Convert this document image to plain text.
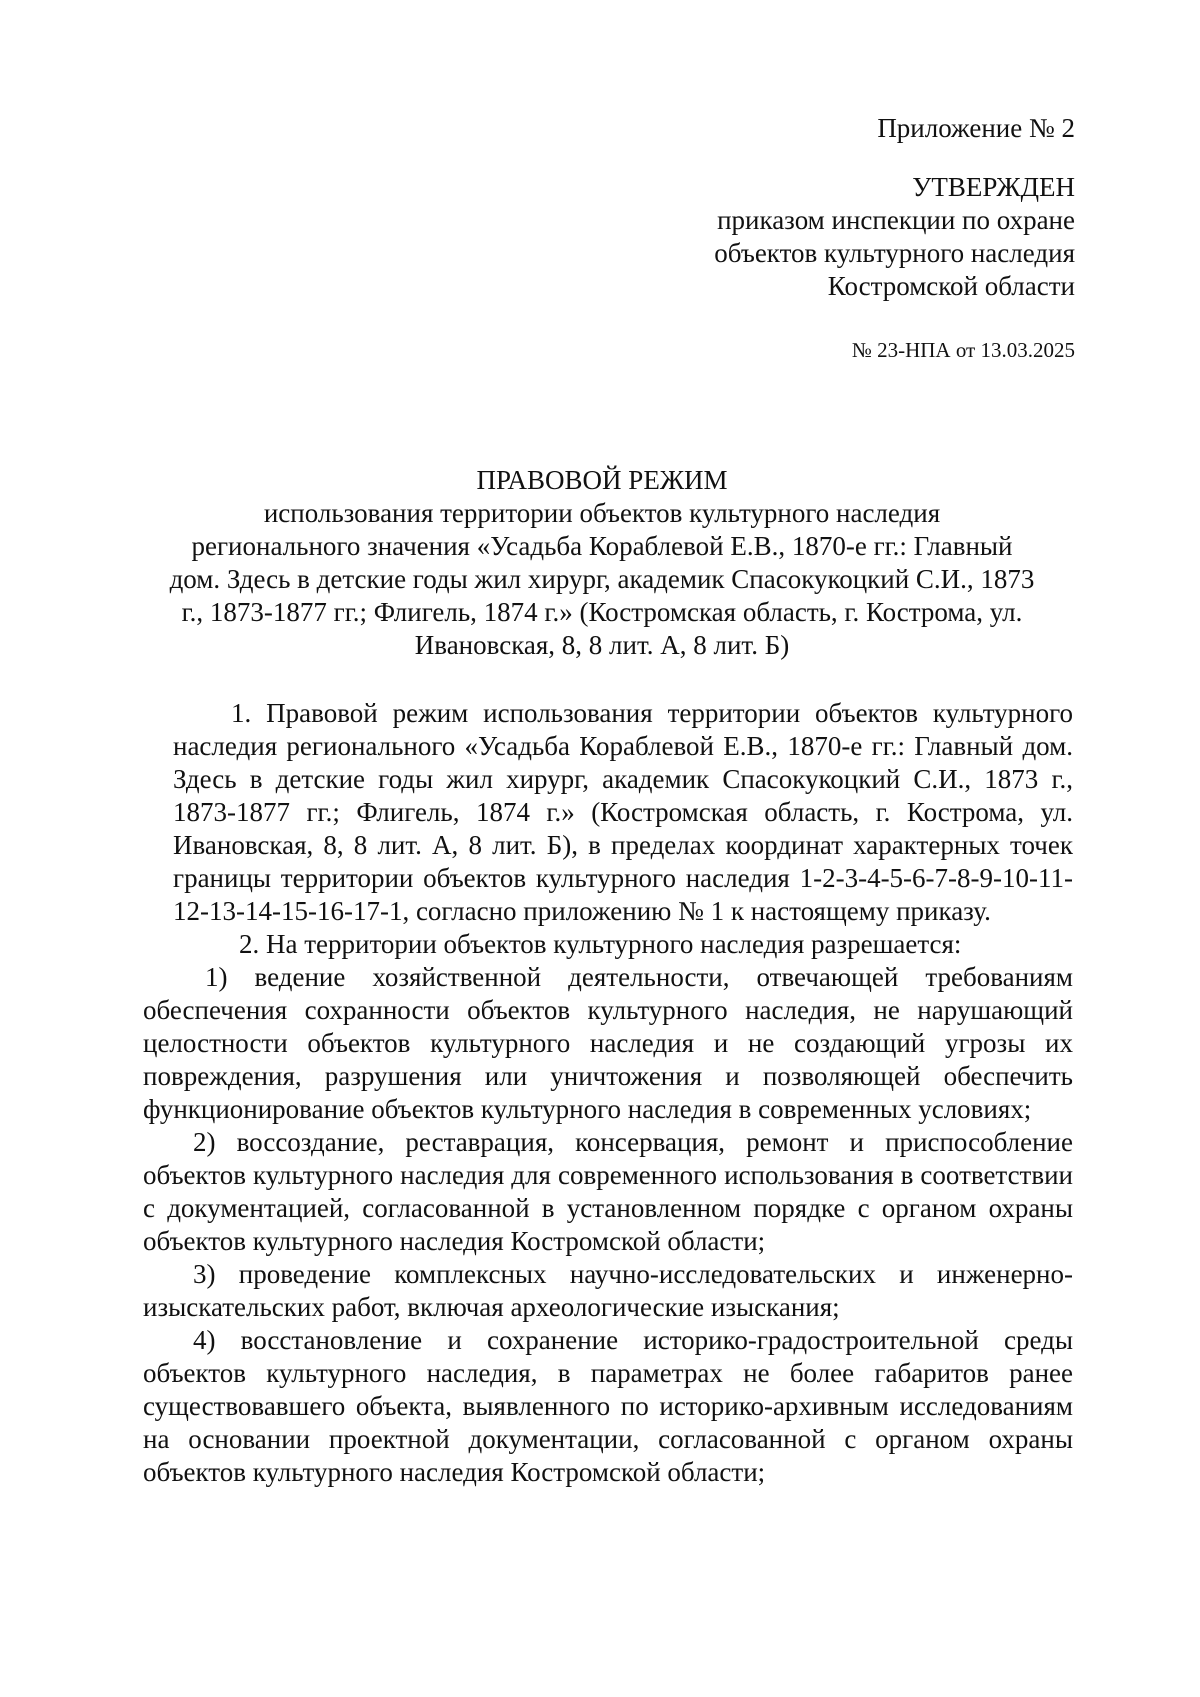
Приложение № 2

УТВЕРЖДЕН

приказом инспекции по охране

объектов культурного наследия

Костромской области

№ 23-НПА от 13.03.2025

ПРАВОВОЙ РЕЖИМ

использования территории объектов культурного наследия

регионального значения «Усадьба Кораблевой Е.В., 1870-е гг.: Главный

дом. Здесь в детские годы жил хирург, академик Спасокукоцкий С.И., 1873

г., 1873-1877 гг.; Флигель, 1874 г.» (Костромская область, г. Кострома, ул.

Ивановская, 8, 8 лит. А, 8 лит. Б)

1. Правовой режим использования территории объектов культурного наследия регионального «Усадьба Кораблевой Е.В., 1870-е гг.: Главный дом. Здесь в детские годы жил хирург, академик Спасокукоцкий С.И., 1873 г., 1873-1877 гг.; Флигель, 1874 г.» (Костромская область, г. Кострома, ул. Ивановская, 8, 8 лит. А, 8 лит. Б), в пределах координат характерных точек границы территории объектов культурного наследия 1-2-3-4-5-6-7-8-9-10-11-12-13-14-15-16-17-1, согласно приложению № 1 к настоящему приказу.

2. На территории объектов культурного наследия разрешается:

1) ведение хозяйственной деятельности, отвечающей требованиям обеспечения сохранности объектов культурного наследия, не нарушающий целостности объектов культурного наследия и не создающий угрозы их повреждения, разрушения или уничтожения и позволяющей обеспечить функционирование объектов культурного наследия в современных условиях;

2) воссоздание, реставрация, консервация, ремонт и приспособление объектов культурного наследия для современного использования в соответствии с документацией, согласованной в установленном порядке с органом охраны объектов культурного наследия Костромской области;

3) проведение комплексных научно-исследовательских и инженерно-изыскательских работ, включая археологические изыскания;

4) восстановление и сохранение историко-градостроительной среды объектов культурного наследия, в параметрах не более габаритов ранее существовавшего объекта, выявленного по историко-архивным исследованиям на основании проектной документации, согласованной с органом охраны объектов культурного наследия Костромской области;
